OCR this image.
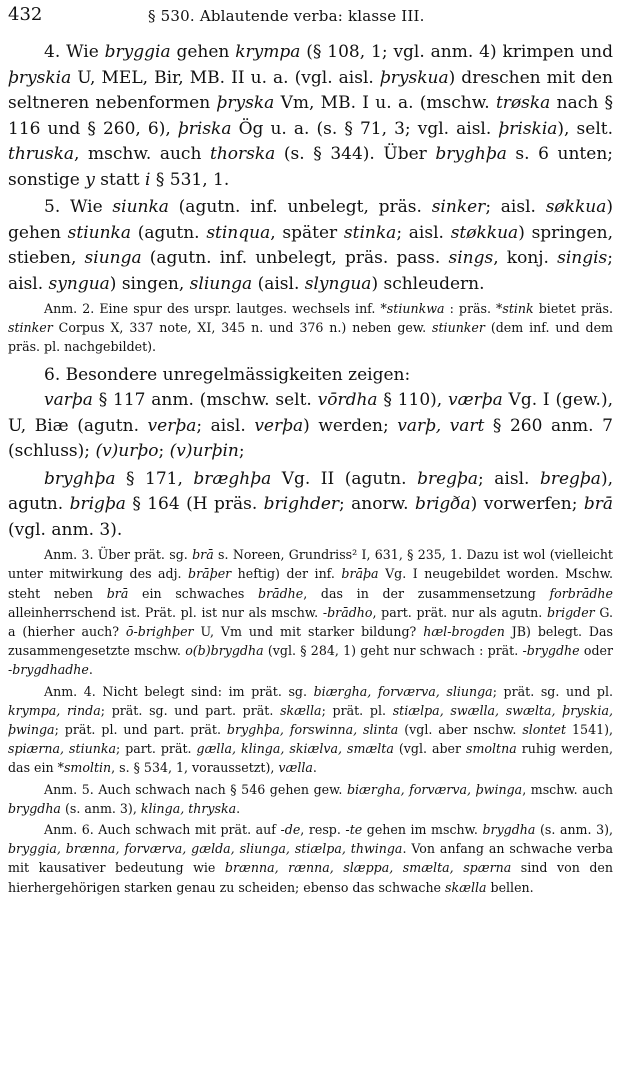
432	§ 530. Ablautende verba: klasse III.

4. Wie bryggia gehen krympa (§ 108, 1; vgl. anm. 4) krimpen und þryskia U, MEL, Bir, MB. II u. a. (vgl. aisl. þryskua) dreschen mit den seltneren nebenformen þryska Vm, MB. I u. a. (mschw. trøska nach § 116 und § 260, 6), þriska Ög u. a. (s. § 71, 3; vgl. aisl. þriskia), selt. thruska, mschw. auch thorska (s. § 344). Über bryghþa s. 6 unten; sonstige y statt i § 531, 1.

5. Wie siunka (agutn. inf. unbelegt, präs. sinker; aisl. søkkua) gehen stiunka (agutn. stinqua, später stinka; aisl. støkkua) springen, stieben, siunga (agutn. inf. unbelegt, präs. pass. sings, konj. singis; aisl. syngua) singen, sliunga (aisl. slyngua) schleudern.

Anm. 2. Eine spur des urspr. lautges. wechsels inf. *stiunkwa : präs. *stink bietet präs. stinker Corpus X, 337 note, XI, 345 n. und 376 n.) neben gew. stiunker (dem inf. und dem präs. pl. nachgebildet).

6. Besondere unregelmässigkeiten zeigen:

varþa § 117 anm. (mschw. selt. vōrdha § 110), værþa Vg. I (gew.), U, Biæ (agutn. verþa; aisl. verþa) werden; varþ, vart § 260 anm. 7 (schluss); (v)urþo; (v)urþin;

bryghþa § 171, bræghþa Vg. II (agutn. bregþa; aisl. bregþa), agutn. brigþa § 164 (H präs. brighder; anorw. brigða) vorwerfen; brā (vgl. anm. 3).

Anm. 3. Über prät. sg. brā s. Noreen, Grundriss² I, 631, § 235, 1. Dazu ist wol (vielleicht unter mitwirkung des adj. brāþer heftig) der inf. brāþa Vg. I neugebildet worden. Mschw. steht neben brā ein schwaches brādhe, das in der zusammensetzung forbrādhe alleinherrschend ist. Prät. pl. ist nur als mschw. -brādho, part. prät. nur als agutn. brigder G. a (hierher auch? ō-brighþer U, Vm und mit starker bildung? hæl-brogden JB) belegt. Das zusammengesetzte mschw. o(b)brygdha (vgl. § 284, 1) geht nur schwach : prät. -brygdhe oder -brygdhadhe.

Anm. 4. Nicht belegt sind: im prät. sg. biærgha, forværva, sliunga; prät. sg. und pl. krympa, rinda; prät. sg. und part. prät. skælla; prät. pl. stiælpa, swælla, swælta, þryskia, þwinga; prät. pl. und part. prät. bryghþa, forswinna, slinta (vgl. aber nschw. slontet 1541), spiærna, stiunka; part. prät. gælla, klinga, skiælva, smælta (vgl. aber smoltna ruhig werden, das ein *smoltin, s. § 534, 1, voraussetzt), vælla.

Anm. 5. Auch schwach nach § 546 gehen gew. biærgha, forværva, þwinga, mschw. auch brygdha (s. anm. 3), klinga, thryska.

Anm. 6. Auch schwach mit prät. auf -de, resp. -te gehen im mschw. brygdha (s. anm. 3), bryggia, brænna, forværva, gælda, sliunga, stiælpa, thwinga. Von anfang an schwache verba mit kausativer bedeutung wie brænna, rænna, slæppa, smælta, spærna sind von den hierhergehörigen starken genau zu scheiden; ebenso das schwache skælla bellen.
